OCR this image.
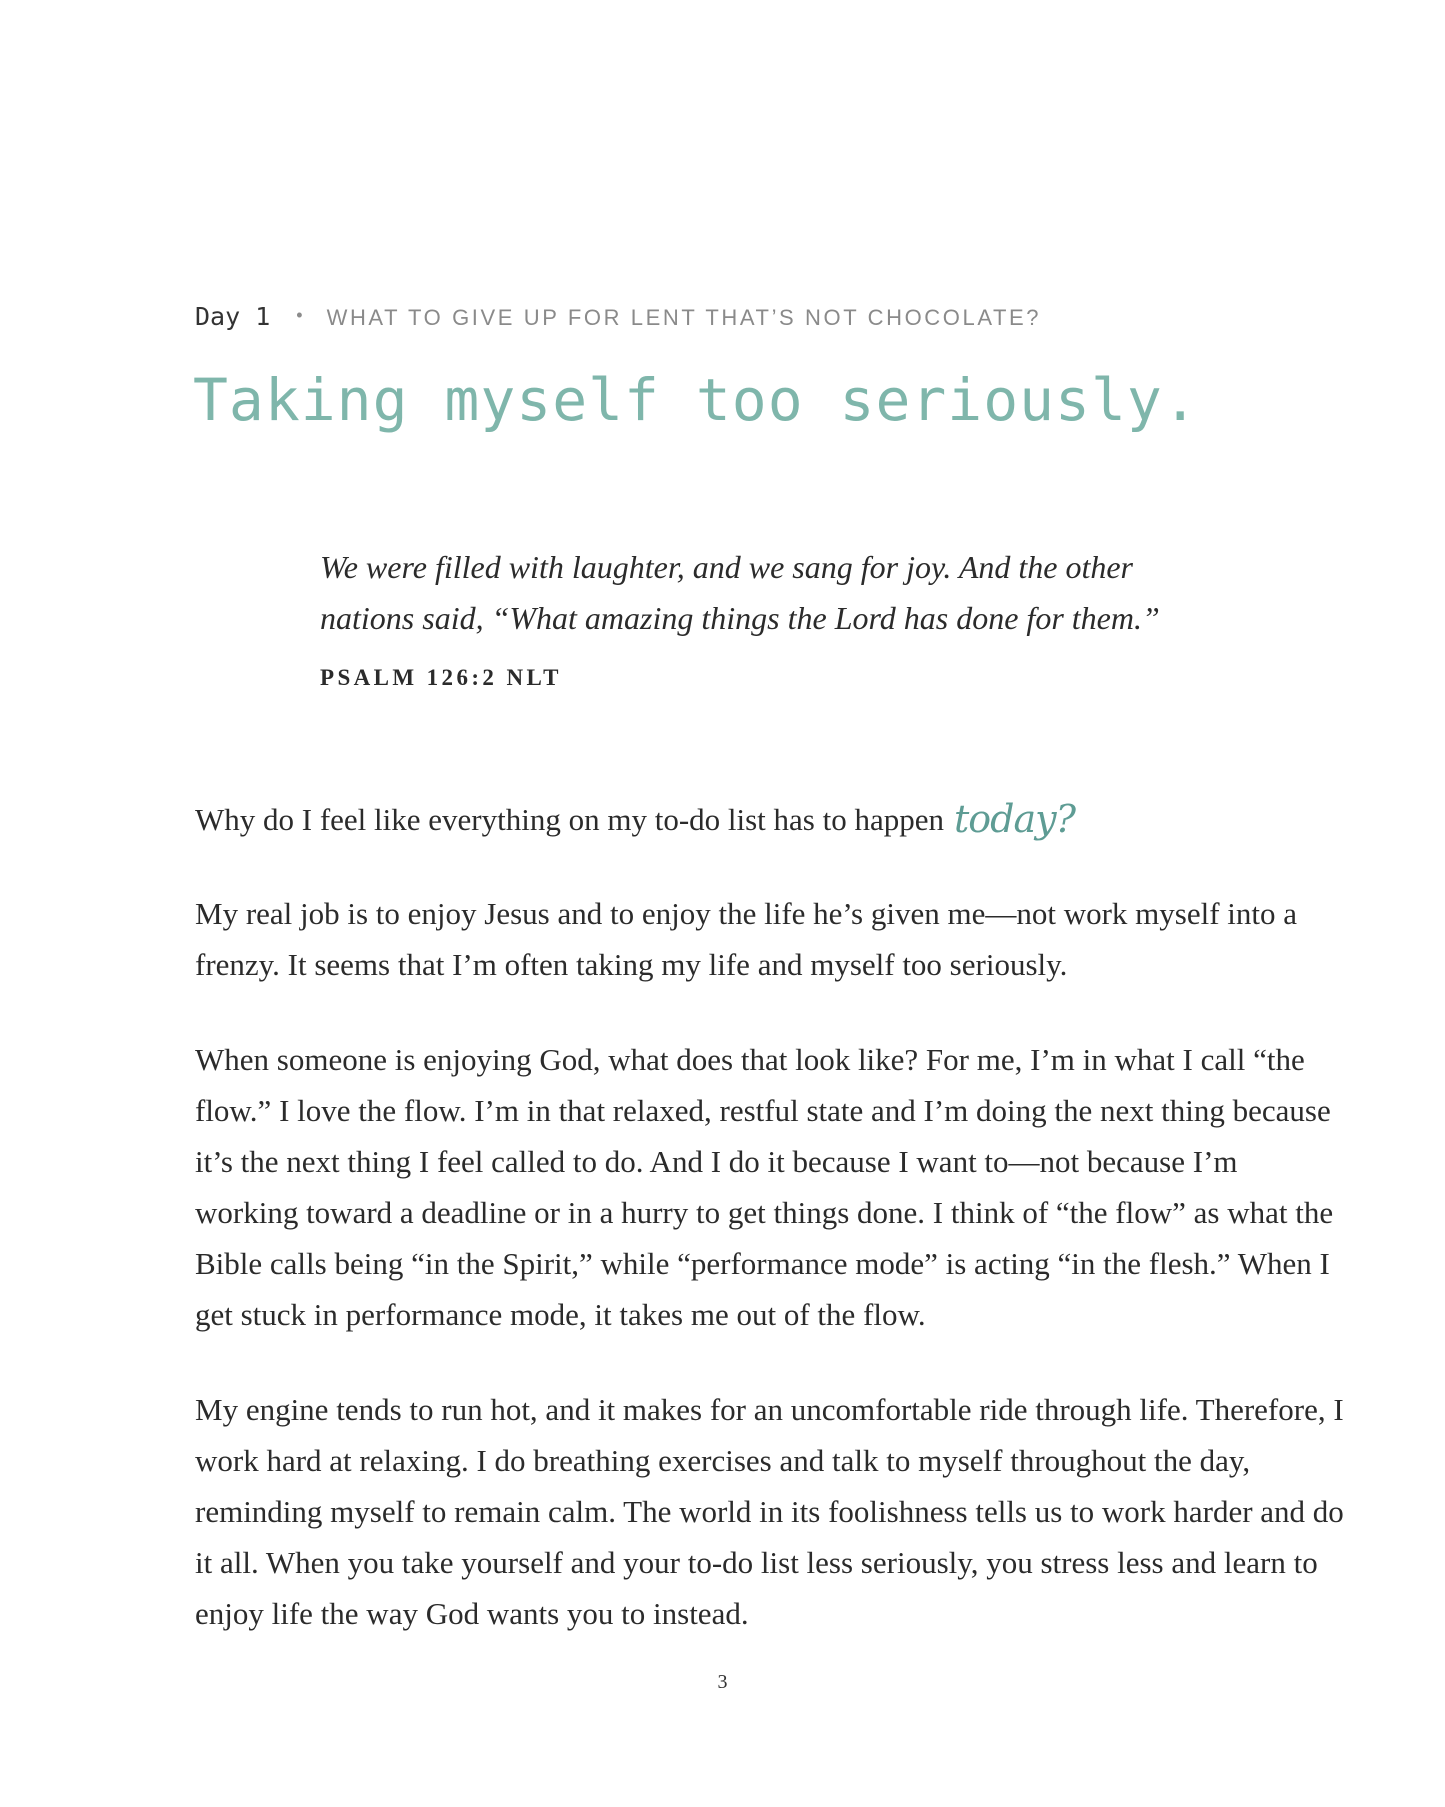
Day 1 • WHAT TO GIVE UP FOR LENT THAT’S NOT CHOCOLATE?
Taking myself too seriously.
We were filled with laughter, and we sang for joy. And the other nations said, “What amazing things the Lord has done for them.”
PSALM 126:2 NLT

Why do I feel like everything on my to-do list has to happen today?

My real job is to enjoy Jesus and to enjoy the life he’s given me—not work myself into a frenzy. It seems that I’m often taking my life and myself too seriously.

When someone is enjoying God, what does that look like? For me, I’m in what I call “the flow.” I love the flow. I’m in that relaxed, restful state and I’m doing the next thing because it’s the next thing I feel called to do. And I do it because I want to—not because I’m working toward a deadline or in a hurry to get things done. I think of “the flow” as what the Bible calls being “in the Spirit,” while “performance mode” is acting “in the flesh.” When I get stuck in performance mode, it takes me out of the flow.

My engine tends to run hot, and it makes for an uncomfortable ride through life. Therefore, I work hard at relaxing. I do breathing exercises and talk to myself throughout the day, reminding myself to remain calm. The world in its foolishness tells us to work harder and do it all. When you take yourself and your to-do list less seriously, you stress less and learn to enjoy life the way God wants you to instead.

3
